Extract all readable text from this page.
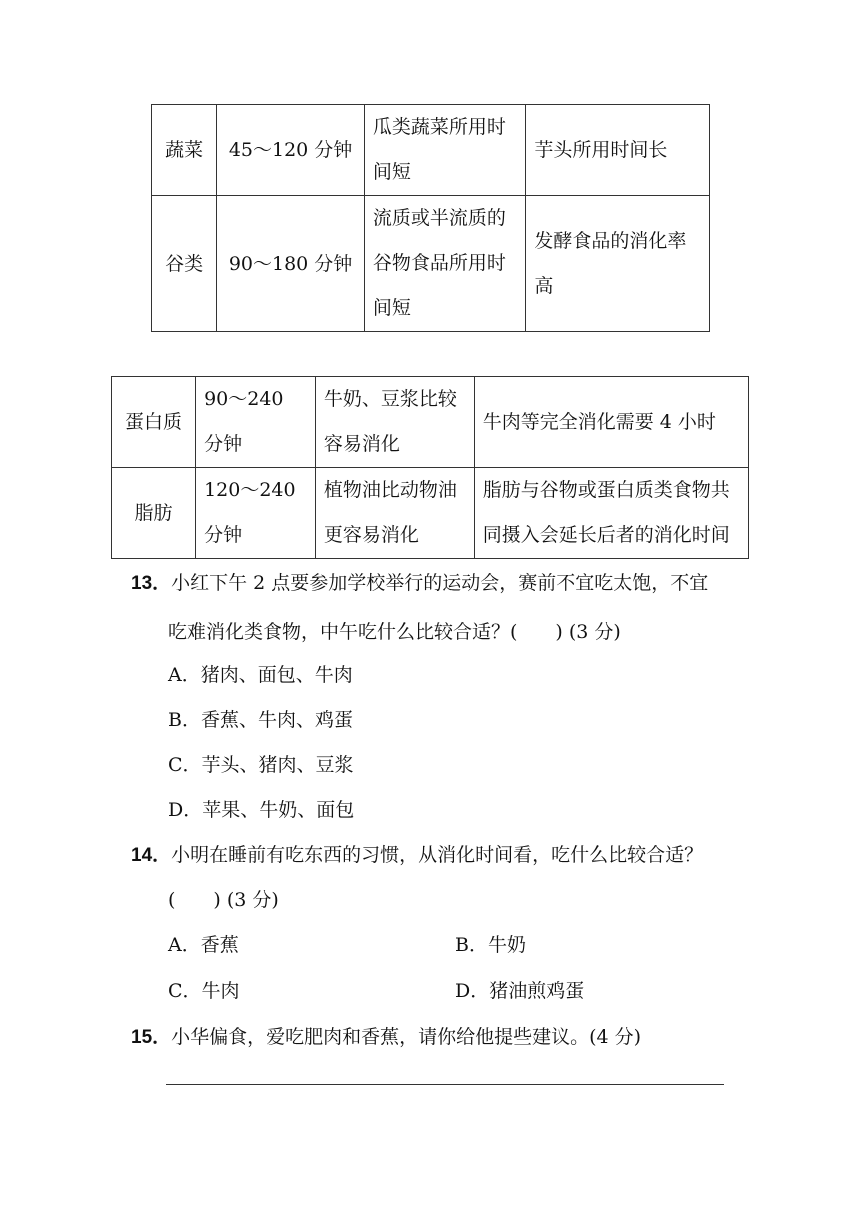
蔬菜	45～120 分钟	瓜类蔬菜所用时间短	芋头所用时间长
谷类	90～180 分钟	流质或半流质的谷物食品所用时间短	发酵食品的消化率高
蛋白质	90～240 分钟	牛奶、豆浆比较容易消化	牛肉等完全消化需要 4 小时
脂肪	120～240 分钟	植物油比动物油更容易消化	脂肪与谷物或蛋白质类食物共同摄入会延长后者的消化时间
13．小红下午 2 点要参加学校举行的运动会，赛前不宜吃太饱，不宜
吃难消化类食物，中午吃什么比较合适？(　　) (3 分)
A．猪肉、面包、牛肉
B．香蕉、牛肉、鸡蛋
C．芋头、猪肉、豆浆
D．苹果、牛奶、面包
14．小明在睡前有吃东西的习惯，从消化时间看，吃什么比较合适？
(　　) (3 分)
A．香蕉	B．牛奶
C．牛肉	D．猪油煎鸡蛋
15．小华偏食，爱吃肥肉和香蕉，请你给他提些建议。(4 分)
